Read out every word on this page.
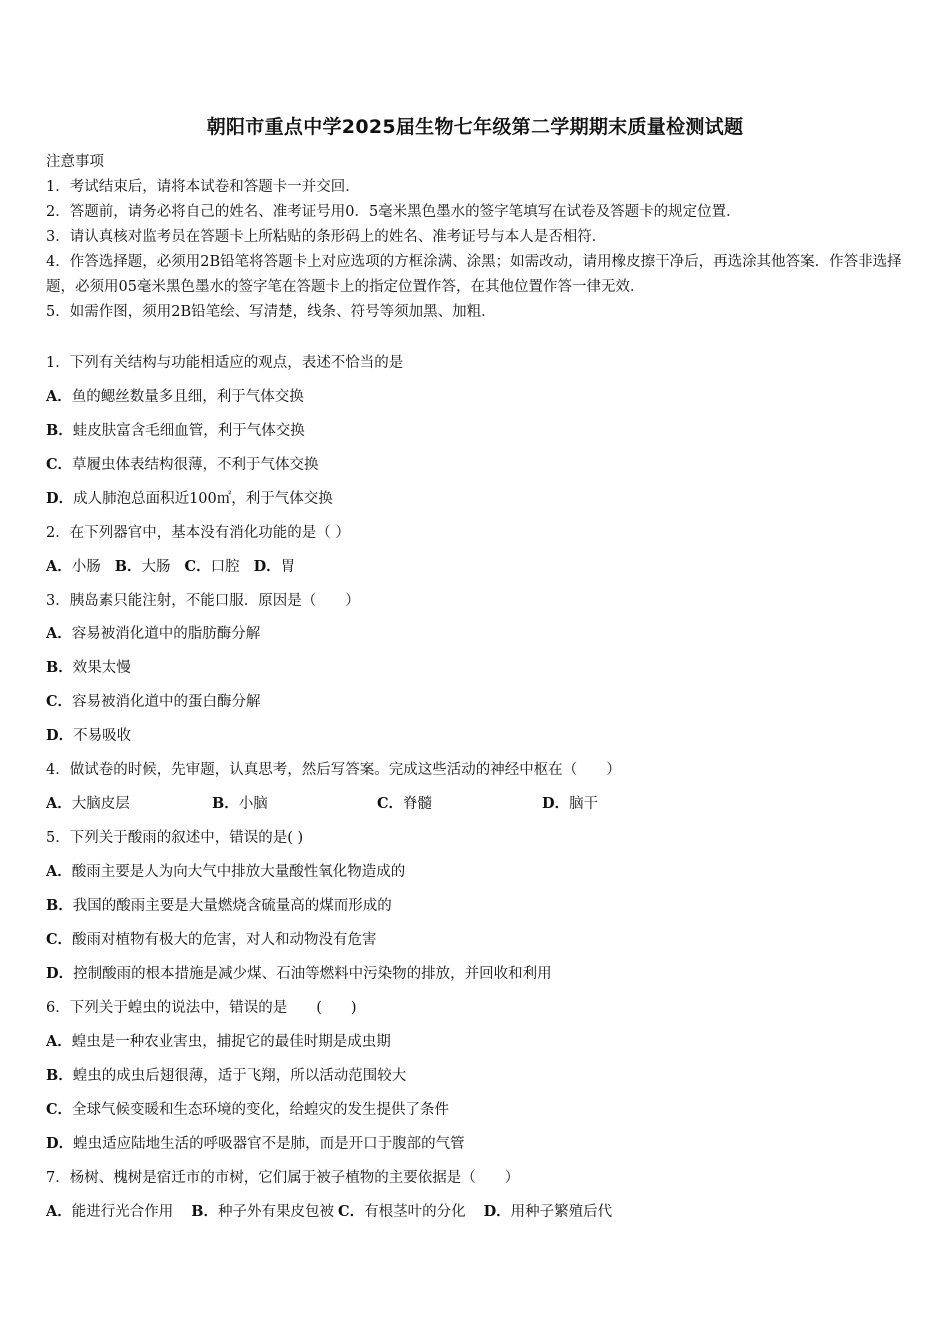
朝阳市重点中学2025届生物七年级第二学期期末质量检测试题

注意事项

1．考试结束后，请将本试卷和答题卡一并交回．

2．答题前，请务必将自己的姓名、准考证号用0．5毫米黑色墨水的签字笔填写在试卷及答题卡的规定位置．

3．请认真核对监考员在答题卡上所粘贴的条形码上的姓名、准考证号与本人是否相符．

4．作答选择题，必须用2B铅笔将答题卡上对应选项的方框涂满、涂黑；如需改动，请用橡皮擦干净后，再选涂其他答案．作答非选择题，必须用05毫米黑色墨水的签字笔在答题卡上的指定位置作答，在其他位置作答一律无效．

5．如需作图，须用2B铅笔绘、写清楚，线条、符号等须加黑、加粗．

1．下列有关结构与功能相适应的观点，表述不恰当的是
A．鱼的鳃丝数量多且细，利于气体交换
B．蛙皮肤富含毛细血管，利于气体交换
C．草履虫体表结构很薄，不利于气体交换
D．成人肺泡总面积近100㎡，利于气体交换
2．在下列器官中，基本没有消化功能的是（ ）
A．小肠 B．大肠 C．口腔 D．胃
3．胰岛素只能注射，不能口服．原因是（　　）
A．容易被消化道中的脂肪酶分解
B．效果太慢
C．容易被消化道中的蛋白酶分解
D．不易吸收
4．做试卷的时候，先审题，认真思考，然后写答案。完成这些活动的神经中枢在（　　）
A．大脑皮层	B．小脑	C．脊髓	D．脑干
5．下列关于酸雨的叙述中，错误的是( )
A．酸雨主要是人为向大气中排放大量酸性氧化物造成的
B．我国的酸雨主要是大量燃烧含硫量高的煤而形成的
C．酸雨对植物有极大的危害，对人和动物没有危害
D．控制酸雨的根本措施是减少煤、石油等燃料中污染物的排放，并回收和利用
6．下列关于蝗虫的说法中，错误的是　　(　　)
A．蝗虫是一种农业害虫，捕捉它的最佳时期是成虫期
B．蝗虫的成虫后翅很薄，适于飞翔，所以活动范围较大
C．全球气候变暖和生态环境的变化，给蝗灾的发生提供了条件
D．蝗虫适应陆地生活的呼吸器官不是肺，而是开口于腹部的气管
7．杨树、槐树是宿迁市的市树，它们属于被子植物的主要依据是（　　）
A．能进行光合作用 B．种子外有果皮包被 C．有根茎叶的分化 D．用种子繁殖后代
